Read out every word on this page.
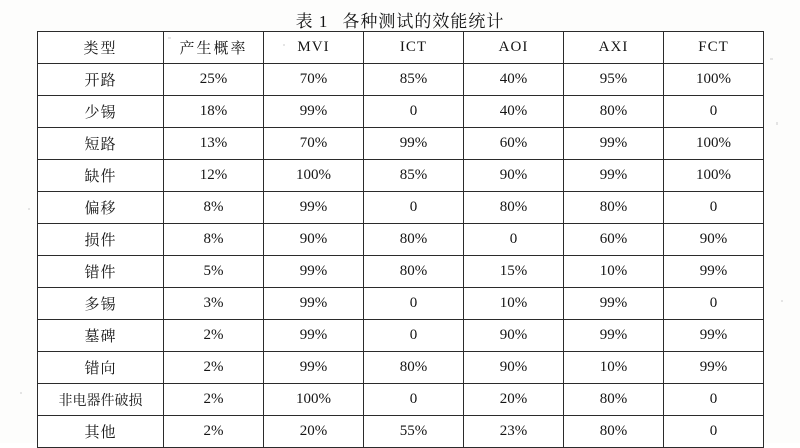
表 1 各种测试的效能统计
类型	产生概率	MVI	ICT	AOI	AXI	FCT
开路	25%	70%	85%	40%	95%	100%
少锡	18%	99%	0	40%	80%	0
短路	13%	70%	99%	60%	99%	100%
缺件	12%	100%	85%	90%	99%	100%
偏移	8%	99%	0	80%	80%	0
损件	8%	90%	80%	0	60%	90%
错件	5%	99%	80%	15%	10%	99%
多锡	3%	99%	0	10%	99%	0
墓碑	2%	99%	0	90%	99%	99%
错向	2%	99%	80%	90%	10%	99%
非电器件破损	2%	100%	0	20%	80%	0
其他	2%	20%	55%	23%	80%	0
